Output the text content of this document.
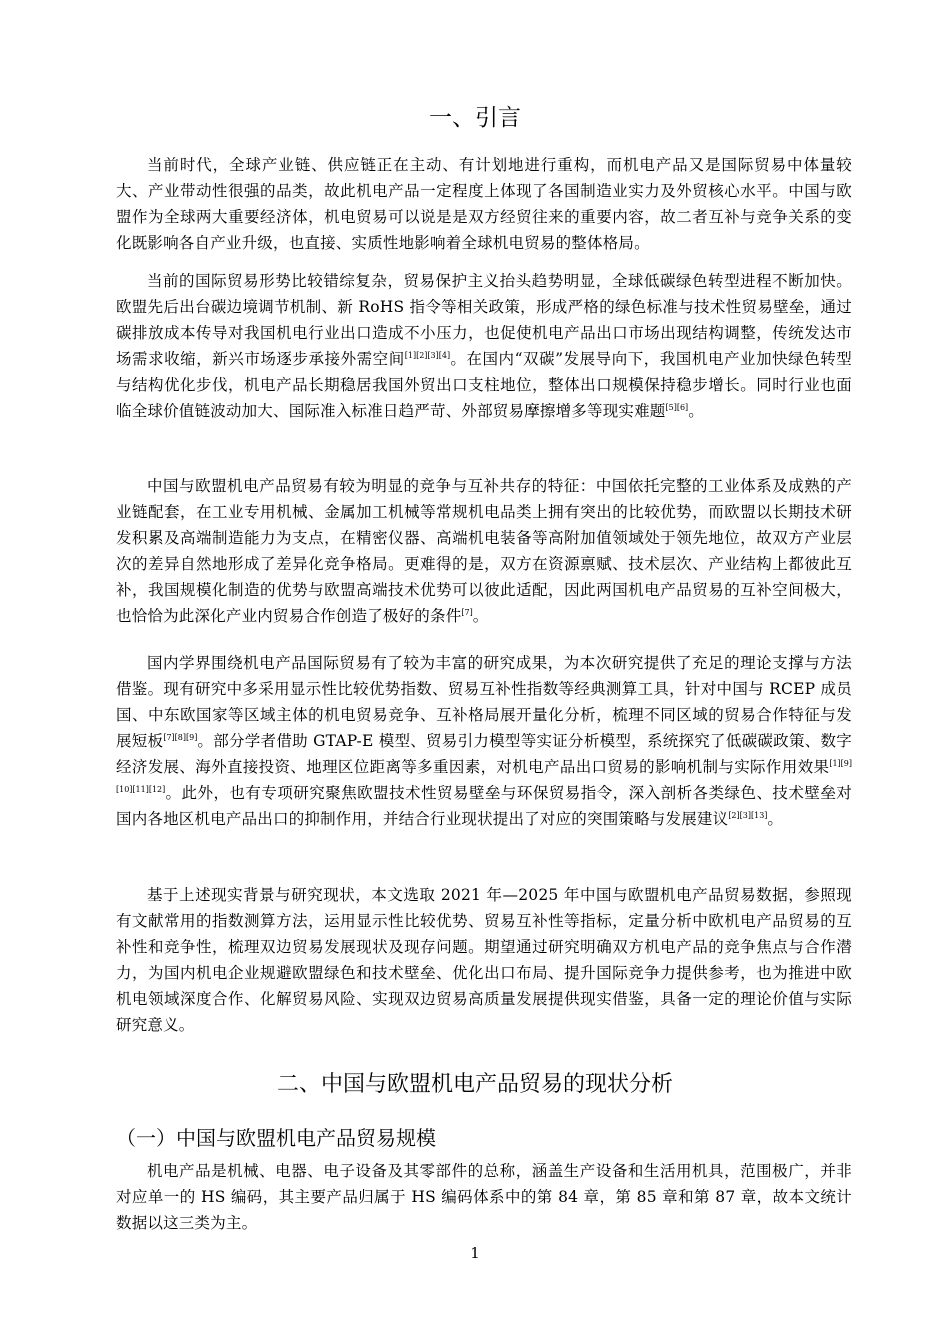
一、引言

当前时代，全球产业链、供应链正在主动、有计划地进行重构，而机电产品又是国际贸易中体量较大、产业带动性很强的品类，故此机电产品一定程度上体现了各国制造业实力及外贸核心水平。中国与欧盟作为全球两大重要经济体，机电贸易可以说是是双方经贸往来的重要内容，故二者互补与竞争关系的变化既影响各自产业升级，也直接、实质性地影响着全球机电贸易的整体格局。

当前的国际贸易形势比较错综复杂，贸易保护主义抬头趋势明显，全球低碳绿色转型进程不断加快。欧盟先后出台碳边境调节机制、新 RoHS 指令等相关政策，形成严格的绿色标准与技术性贸易壁垒，通过碳排放成本传导对我国机电行业出口造成不小压力，也促使机电产品出口市场出现结构调整，传统发达市场需求收缩，新兴市场逐步承接外需空间[1][2][3][4]。在国内“双碳”发展导向下，我国机电产业加快绿色转型与结构优化步伐，机电产品长期稳居我国外贸出口支柱地位，整体出口规模保持稳步增长。同时行业也面临全球价值链波动加大、国际准入标准日趋严苛、外部贸易摩擦增多等现实难题[5][6]。

中国与欧盟机电产品贸易有较为明显的竞争与互补共存的特征：中国依托完整的工业体系及成熟的产业链配套，在工业专用机械、金属加工机械等常规机电品类上拥有突出的比较优势，而欧盟以长期技术研发积累及高端制造能力为支点，在精密仪器、高端机电装备等高附加值领域处于领先地位，故双方产业层次的差异自然地形成了差异化竞争格局。更难得的是，双方在资源禀赋、技术层次、产业结构上都彼此互补，我国规模化制造的优势与欧盟高端技术优势可以彼此适配，因此两国机电产品贸易的互补空间极大，也恰恰为此深化产业内贸易合作创造了极好的条件[7]。

国内学界围绕机电产品国际贸易有了较为丰富的研究成果，为本次研究提供了充足的理论支撑与方法借鉴。现有研究中多采用显示性比较优势指数、贸易互补性指数等经典测算工具，针对中国与 RCEP 成员国、中东欧国家等区域主体的机电贸易竞争、互补格局展开量化分析，梳理不同区域的贸易合作特征与发展短板[7][8][9]。部分学者借助 GTAP-E 模型、贸易引力模型等实证分析模型，系统探究了低碳碳政策、数字经济发展、海外直接投资、地理区位距离等多重因素，对机电产品出口贸易的影响机制与实际作用效果[1][9][10][11][12]。此外，也有专项研究聚焦欧盟技术性贸易壁垒与环保贸易指令，深入剖析各类绿色、技术壁垒对国内各地区机电产品出口的抑制作用，并结合行业现状提出了对应的突围策略与发展建议[2][3][13]。

基于上述现实背景与研究现状，本文选取 2021 年—2025 年中国与欧盟机电产品贸易数据，参照现有文献常用的指数测算方法，运用显示性比较优势、贸易互补性等指标，定量分析中欧机电产品贸易的互补性和竞争性，梳理双边贸易发展现状及现存问题。期望通过研究明确双方机电产品的竞争焦点与合作潜力，为国内机电企业规避欧盟绿色和技术壁垒、优化出口布局、提升国际竞争力提供参考，也为推进中欧机电领域深度合作、化解贸易风险、实现双边贸易高质量发展提供现实借鉴，具备一定的理论价值与实际研究意义。

二、中国与欧盟机电产品贸易的现状分析
（一）中国与欧盟机电产品贸易规模

机电产品是机械、电器、电子设备及其零部件的总称，涵盖生产设备和生活用机具，范围极广，并非对应单一的 HS 编码，其主要产品归属于 HS 编码体系中的第 84 章，第 85 章和第 87 章，故本文统计数据以这三类为主。

1
